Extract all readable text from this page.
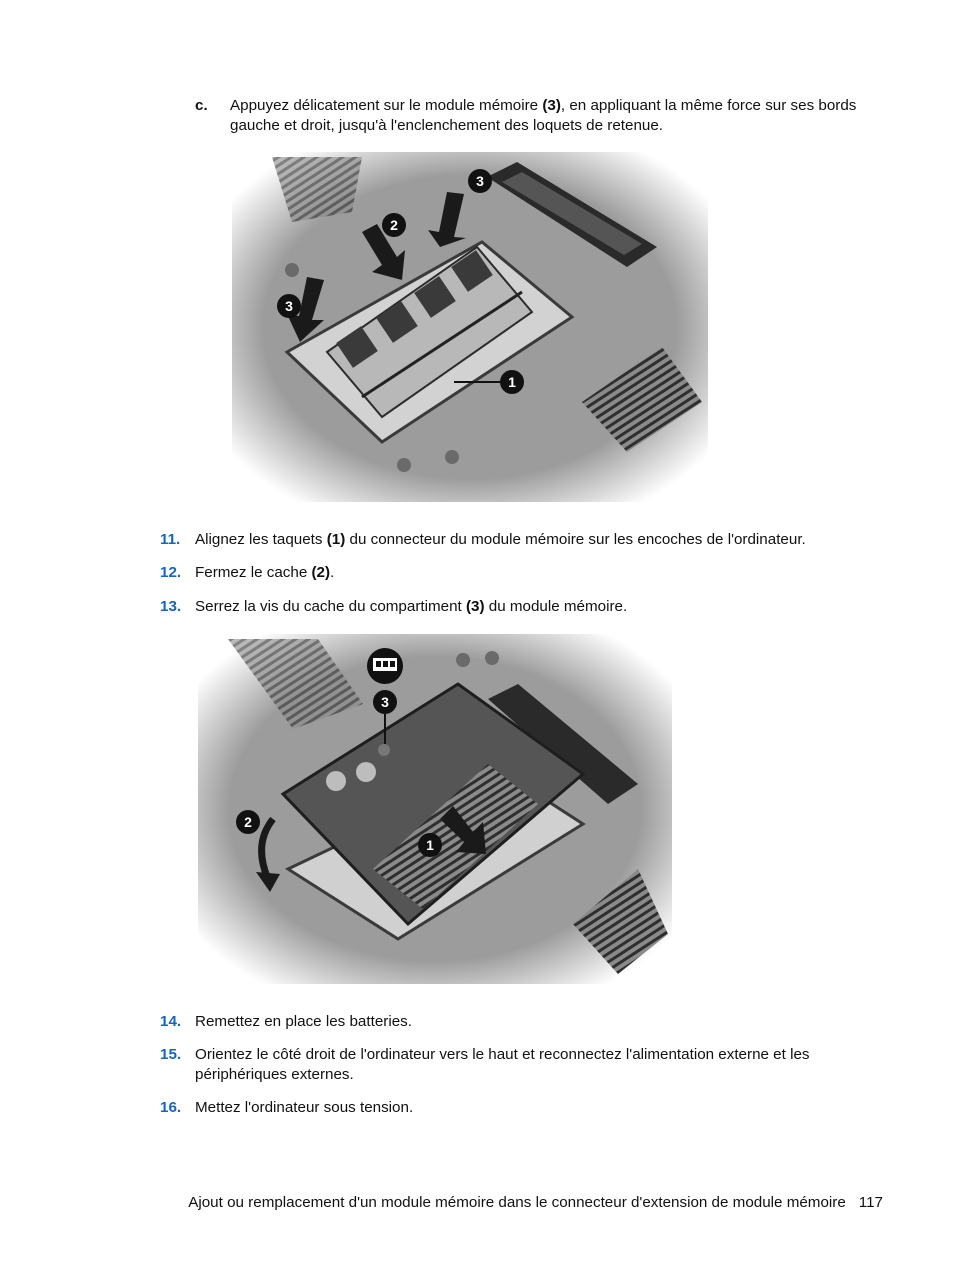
c.	Appuyez délicatement sur le module mémoire (3), en appliquant la même force sur ses bords
gauche et droit, jusqu'à l'enclenchement des loquets de retenue.
1
2
3
3
11. Alignez les taquets (1) du connecteur du module mémoire sur les encoches de l'ordinateur.
12. Fermez le cache (2).
13. Serrez la vis du cache du compartiment (3) du module mémoire.
1
2
3
14. Remettez en place les batteries.
15. Orientez le côté droit de l'ordinateur vers le haut et reconnectez l'alimentation externe et les
périphériques externes.
16. Mettez l'ordinateur sous tension.
Ajout ou remplacement d'un module mémoire dans le connecteur d'extension de module mémoire 117
